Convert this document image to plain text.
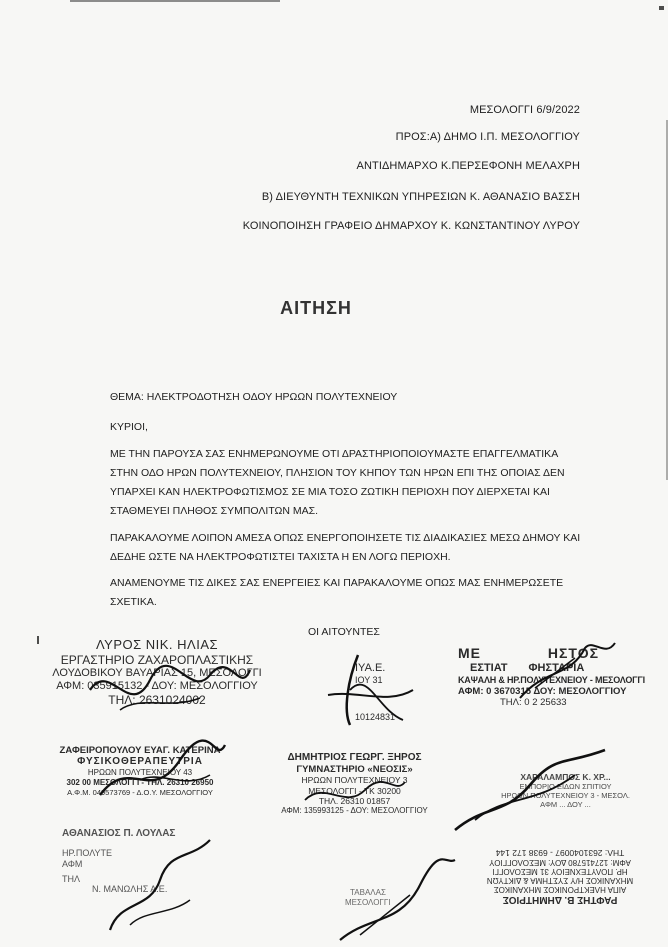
ΜΕΣΟΛΟΓΓΙ 6/9/2022
ΠΡΟΣ:Α) ΔΗΜΟ Ι.Π. ΜΕΣΟΛΟΓΓΙΟΥ
ΑΝΤΙΔΗΜΑΡΧΟ Κ.ΠΕΡΣΕΦΟΝΗ ΜΕΛΑΧΡΗ
Β) ΔΙΕΥΘΥΝΤΗ ΤΕΧΝΙΚΩΝ ΥΠΗΡΕΣΙΩΝ Κ. ΑΘΑΝΑΣΙΟ ΒΑΣΣΗ
ΚΟΙΝΟΠΟΙΗΣΗ ΓΡΑΦΕΙΟ ΔΗΜΑΡΧΟΥ Κ. ΚΩΝΣΤΑΝΤΙΝΟΥ ΛΥΡΟΥ
ΑΙΤΗΣΗ
ΘΕΜΑ: ΗΛΕΚΤΡΟΔΟΤΗΣΗ ΟΔΟΥ ΗΡΩΩΝ ΠΟΛΥΤΕΧΝΕΙΟΥ
ΚΥΡΙΟΙ,
ΜΕ ΤΗΝ ΠΑΡΟΥΣΑ ΣΑΣ ΕΝΗΜΕΡΩΝΟΥΜΕ ΟΤΙ ΔΡΑΣΤΗΡΙΟΠΟΙΟΥΜΑΣΤΕ ΕΠΑΓΓΕΛΜΑΤΙΚΑ
ΣΤΗΝ ΟΔΟ ΗΡΩΝ ΠΟΛΥΤΕΧΝΕΙΟΥ, ΠΛΗΣΙΟΝ ΤΟΥ ΚΗΠΟΥ ΤΩΝ ΗΡΩΝ ΕΠΙ ΤΗΣ ΟΠΟΙΑΣ ΔΕΝ
ΥΠΑΡΧΕΙ ΚΑΝ ΗΛΕΚΤΡΟΦΩΤΙΣΜΟΣ ΣΕ ΜΙΑ ΤΟΣΟ ΖΩΤΙΚΗ ΠΕΡΙΟΧΗ ΠΟΥ ΔΙΕΡΧΕΤΑΙ ΚΑΙ
ΣΤΑΘΜΕΥΕΙ ΠΛΗΘΟΣ ΣΥΜΠΟΛΙΤΩΝ ΜΑΣ.
ΠΑΡΑΚΑΛΟΥΜΕ ΛΟΙΠΟΝ ΑΜΕΣΑ ΟΠΩΣ ΕΝΕΡΓΟΠΟΙΗΣΕΤΕ ΤΙΣ ΔΙΑΔΙΚΑΣΙΕΣ ΜΕΣΩ ΔΗΜΟΥ ΚΑΙ
ΔΕΔΗΕ ΩΣΤΕ ΝΑ ΗΛΕΚΤΡΟΦΩΤΙΣΤΕΙ ΤΑΧΙΣΤΑ Η ΕΝ ΛΟΓΩ ΠΕΡΙΟΧΗ.
ΑΝΑΜΕΝΟΥΜΕ ΤΙΣ ΔΙΚΕΣ ΣΑΣ ΕΝΕΡΓΕΙΕΣ ΚΑΙ ΠΑΡΑΚΑΛΟΥΜΕ ΟΠΩΣ ΜΑΣ ΕΝΗΜΕΡΩΣΕΤΕ
ΣΧΕΤΙΚΑ.
ΟΙ ΑΙΤΟΥΝΤΕΣ
ΛΥΡΟΣ ΝΙΚ. ΗΛΙΑΣ
ΕΡΓΑΣΤΗΡΙΟ ΖΑΧΑΡΟΠΛΑΣΤΙΚΗΣ
ΛΟΥΔΟΒΙΚΟΥ ΒΑΥΑΡΙΑΣ 15, ΜΕΣΟΛΟΓΓΙ
ΑΦΜ: 035915132 - ΔΟΥ: ΜΕΣΟΛΟΓΓΙΟΥ
ΤΗΛ: 2631024002
ΙΥΑ.Ε.
ΙΟΥ 31
10124831
ΜΕ	ΗΣΤΟΣ
ΕΣΤΙΑΤ ΦΗΣΤΑΡΙΑ
ΚΑΨΑΛΗ & ΗΡ.ΠΟΛΥΤΕΧΝΕΙΟΥ - ΜΕΣΟΛΟΓΓΙ
ΑΦΜ: 0 3670315 ΔΟΥ: ΜΕΣΟΛΟΓΓΙΟΥ
ΤΗΛ: 0 2 25633
ΖΑΦΕΙΡΟΠΟΥΛΟΥ ΕΥΑΓ. ΚΑΤΕΡΙΝΑ
ΦΥΣΙΚΟΘΕΡΑΠΕΥΤΡΙΑ
ΗΡΩΩΝ ΠΟΛΥΤΕΧΝΕΙΟΥ 43
302 00 ΜΕΣΟΛΟΓΓΙ - ΤΗΛ. 26310 26950
Α.Φ.Μ. 049573769 - Δ.Ο.Υ. ΜΕΣΟΛΟΓΓΙΟΥ
ΔΗΜΗΤΡΙΟΣ ΓΕΩΡΓ. ΞΗΡΟΣ
ΓΥΜΝΑΣΤΗΡΙΟ «ΝΕΟΣΙΣ»
ΗΡΩΩΝ ΠΟΛΥΤΕΧΝΕΙΟΥ 3
ΜΕΣΟΛΟΓΓΙ - ΤΚ 30200
ΤΗΛ. 26310 01857
ΑΦΜ: 135993125 - ΔΟΥ: ΜΕΣΟΛΟΓΓΙΟΥ
ΧΑΡΑΛΑΜΠΟΣ Κ. ΧΡ...
ΕΜΠΟΡΙΟ ΕΙΔΩΝ ΣΠΙΤΙΟΥ
ΗΡΩΩΝ ΠΟΛΥΤΕΧΝΕΙΟΥ 3 - ΜΕΣΟΛ.
ΑΦΜ ... ΔΟΥ ...
ΑΘΑΝΑΣΙΟΣ Π. ΛΟΥΛΑΣ
ΗΡ.ΠΟΛΥΤΕ
ΑΦΜ
ΤΗΛ
Ν. ΜΑΝΩΛΗΣ Α.Ε.	ΤΑΒΑΛΑΣ
ΜΕΣΟΛΟΓΓΙ	ΡΑΦΤΗΣ Β. ΔΗΜΗΤΡΙΟΣ
ΑΙΠΑ ΗΛΕΚΤΡΟΝΙΚΟΣ ΜΗΧΑΝΙΚΟΣ
ΜΗΧΑΝΙΚΟΣ Η/Υ ΣΥΣΤΗΜΑ & ΔΙΚΤΥΩΝ
ΗΡ. ΠΟΛΥΤΕΧΝΕΙΟΥ 31 ΜΕΣΟΛΟΓΓΙ
ΑΦΜ: 127415780 ΔΟΥ: ΜΕΣΟΛΟΓΓΙΟΥ
ΤΗΛ: 2631040097 - 6938 172 144
